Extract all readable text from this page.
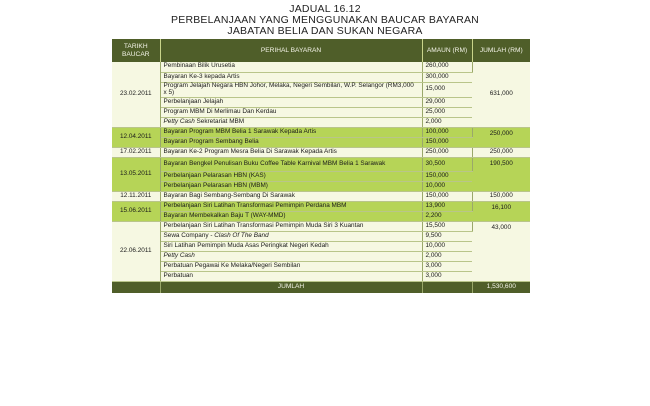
JADUAL 16.12
PERBELANJAAN YANG MENGGUNAKAN BAUCAR BAYARAN
JABATAN BELIA DAN SUKAN NEGARA
TARIKH BAUCAR	PERIHAL BAYARAN	AMAUN (RM)	JUMLAH (RM)
23.02.2011	Pembinaan Bilik Urusetia	260,000	631,000
	Bayaran Ke-3 kepada Artis	300,000	
	Program Jelajah Negara HBN Johor, Melaka, Negeri Sembilan, W.P. Selangor (RM3,000 x 5)	15,000	
	Perbelanjaan Jelajah	29,000	
	Program MBM Di Merlimau Dan Kerdau	25,000	
	Petty Cash Sekretariat MBM	2,000	
12.04.2011	Bayaran Program MBM Belia 1 Sarawak Kepada Artis	100,000	250,000
	Bayaran Program Sembang Belia	150,000	
17.02.2011	Bayaran Ke-2 Program Mesra Belia Di Sarawak Kepada Artis	250,000	250,000
13.05.2011	Bayaran Bengkel Penulisan Buku Coffee Table Karnival MBM Belia 1 Sarawak	30,500	190,500
	Perbelanjaan Pelarasan HBN (KAS)	150,000	
	Perbelanjaan Pelarasan HBN (MBM)	10,000	
12.11.2011	Bayaran Bagi Sembang-Sembang Di Sarawak	150,000	150,000
15.06.2011	Perbelanjaan Siri Latihan Transformasi Pemimpin Perdana MBM	13,900	16,100
	Bayaran Membekalkan Baju T (WAY-MMD)	2,200	
22.06.2011	Perbelanjaan Siri Latihan Transformasi Pemimpin Muda Siri 3 Kuantan	15,500	43,000
	Sewa Company - Clash Of The Band	9,500	
	Siri Latihan Pemimpin Muda Asas Peringkat Negeri Kedah	10,000	
	Petty Cash	2,000	
	Perbatuan Pegawai Ke Melaka/Negeri Sembilan	3,000	
	Perbatuan	3,000	
	JUMLAH		1,530,600
